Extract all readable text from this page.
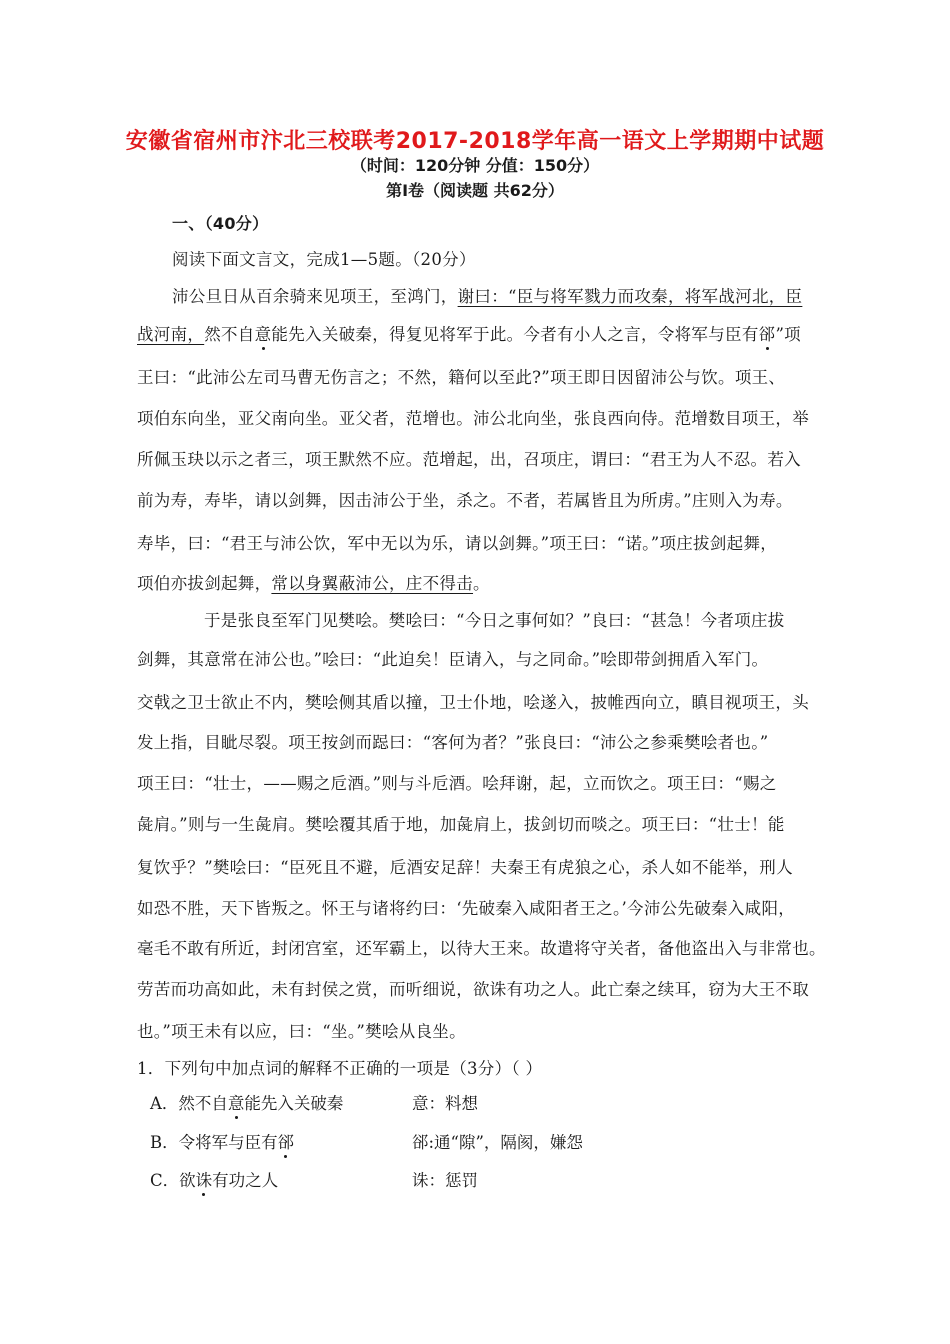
安徽省宿州市汴北三校联考2017-2018学年高一语文上学期期中试题
（时间：120分钟 分值：150分）
第Ⅰ卷（阅读题 共62分）
一、（40分）
阅读下面文言文，完成1—5题。（20分）
沛公旦日从百余骑来见项王，至鸿门，谢曰：“臣与将军戮力而攻秦，将军战河北，臣
战河南，然不自意能先入关破秦，得复见将军于此。今者有小人之言，令将军与臣有郤”项
王曰：“此沛公左司马曹无伤言之；不然，籍何以至此?”项王即日因留沛公与饮。项王、
项伯东向坐，亚父南向坐。亚父者，范增也。沛公北向坐，张良西向侍。范增数目项王，举
所佩玉玦以示之者三，项王默然不应。范增起，出，召项庄，谓曰：“君王为人不忍。若入
前为寿，寿毕，请以剑舞，因击沛公于坐，杀之。不者，若属皆且为所虏。”庄则入为寿。
寿毕，曰：“君王与沛公饮，军中无以为乐，请以剑舞。”项王曰：“诺。”项庄拔剑起舞，
项伯亦拔剑起舞，常以身翼蔽沛公，庄不得击。
于是张良至军门见樊哙。樊哙曰：“今日之事何如？”良曰：“甚急！今者项庄拔
剑舞，其意常在沛公也。”哙曰：“此迫矣！臣请入，与之同命。”哙即带剑拥盾入军门。
交戟之卫士欲止不内，樊哙侧其盾以撞，卫士仆地，哙遂入，披帷西向立，瞋目视项王，头
发上指，目眦尽裂。项王按剑而跽曰：“客何为者？”张良曰：“沛公之参乘樊哙者也。”
项王曰：“壮士，——赐之卮酒。”则与斗卮酒。哙拜谢，起，立而饮之。项王曰：“赐之
彘肩。”则与一生彘肩。樊哙覆其盾于地，加彘肩上，拔剑切而啖之。项王曰：“壮士！能
复饮乎？”樊哙曰：“臣死且不避，卮酒安足辞！夫秦王有虎狼之心，杀人如不能举，刑人
如恐不胜，天下皆叛之。怀王与诸将约曰：‘先破秦入咸阳者王之。’今沛公先破秦入咸阳，
毫毛不敢有所近，封闭宫室，还军霸上，以待大王来。故遣将守关者，备他盗出入与非常也。
劳苦而功高如此，未有封侯之赏，而听细说，欲诛有功之人。此亡秦之续耳，窃为大王不取
也。”项王未有以应，曰：“坐。”樊哙从良坐。
1．下列句中加点词的解释不正确的一项是（3分）（ ）
A．然不自意能先入关破秦	意：料想
B．令将军与臣有郤	郤:通“隙”，隔阂，嫌怨
C．欲诛有功之人	诛：惩罚
